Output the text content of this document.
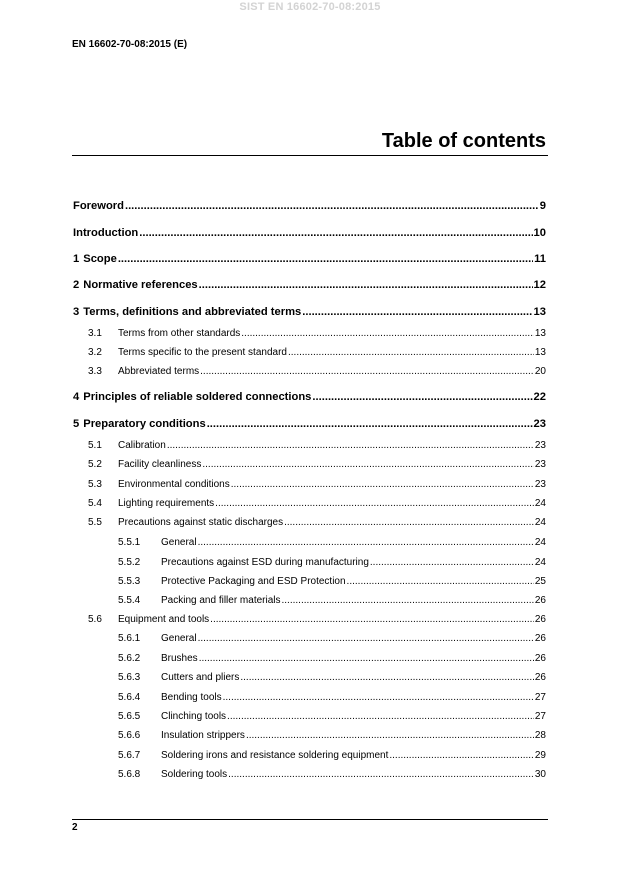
SIST EN 16602-70-08:2015
EN 16602-70-08:2015 (E)
Table of contents
Foreword .....	9
Introduction .....	10
1 Scope .....	11
2 Normative references .....	12
3 Terms, definitions and abbreviated terms .....	13
3.1	Terms from other standards .....	13
3.2	Terms specific to the present standard .....	13
3.3	Abbreviated terms .....	20
4 Principles of reliable soldered connections .....	22
5 Preparatory conditions .....	23
5.1	Calibration .....	23
5.2	Facility cleanliness .....	23
5.3	Environmental conditions .....	23
5.4	Lighting requirements .....	24
5.5	Precautions against static discharges .....	24
5.5.1	General .....	24
5.5.2	Precautions against ESD during manufacturing .....	24
5.5.3	Protective Packaging and ESD Protection .....	25
5.5.4	Packing and filler materials .....	26
5.6	Equipment and tools .....	26
5.6.1	General .....	26
5.6.2	Brushes .....	26
5.6.3	Cutters and pliers .....	26
5.6.4	Bending tools .....	27
5.6.5	Clinching tools .....	27
5.6.6	Insulation strippers .....	28
5.6.7	Soldering irons and resistance soldering equipment .....	29
5.6.8	Soldering tools .....	30
2
